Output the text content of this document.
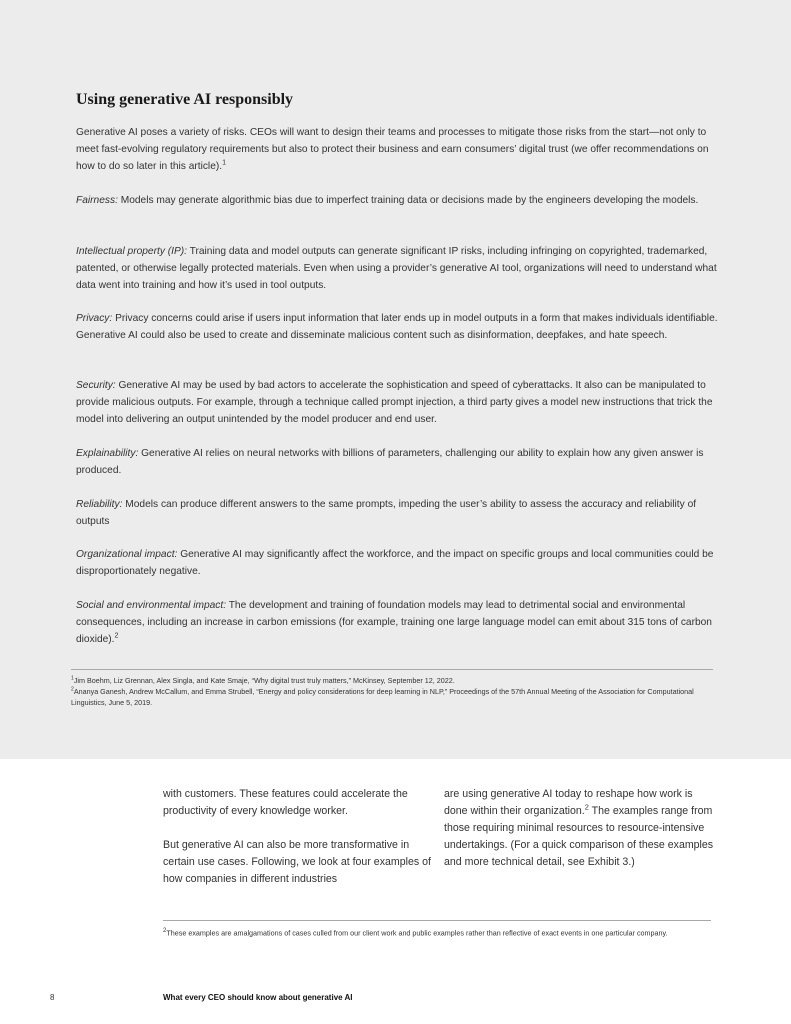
Using generative AI responsibly

Generative AI poses a variety of risks. CEOs will want to design their teams and processes to mitigate those risks from the start—not only to meet fast-evolving regulatory requirements but also to protect their business and earn consumers’ digital trust (we offer recommendations on how to do so later in this article).$^1$

Fairness: Models may generate algorithmic bias due to imperfect training data or decisions made by the engineers developing the models.

Intellectual property (IP): Training data and model outputs can generate significant IP risks, including infringing on copyrighted, trademarked, patented, or otherwise legally protected materials. Even when using a provider’s generative AI tool, organizations will need to understand what data went into training and how it’s used in tool outputs.

Privacy: Privacy concerns could arise if users input information that later ends up in model outputs in a form that makes individuals identifiable. Generative AI could also be used to create and disseminate malicious content such as disinformation, deepfakes, and hate speech.

Security: Generative AI may be used by bad actors to accelerate the sophistication and speed of cyberattacks. It also can be manipulated to provide malicious outputs. For example, through a technique called prompt injection, a third party gives a model new instructions that trick the model into delivering an output unintended by the model producer and end user.

Explainability: Generative AI relies on neural networks with billions of parameters, challenging our ability to explain how any given answer is produced.

Reliability: Models can produce different answers to the same prompts, impeding the user’s ability to assess the accuracy and reliability of outputs

Organizational impact: Generative AI may significantly affect the workforce, and the impact on specific groups and local communities could be disproportionately negative.

Social and environmental impact: The development and training of foundation models may lead to detrimental social and environmental consequences, including an increase in carbon emissions (for example, training one large language model can emit about 315 tons of carbon dioxide).$^2$

$^1$Jim Boehm, Liz Grennan, Alex Singla, and Kate Smaje, “Why digital trust truly matters,” McKinsey, September 12, 2022.

$^2$Ananya Ganesh, Andrew McCallum, and Emma Strubell, “Energy and policy considerations for deep learning in NLP,” Proceedings of the 57th Annual Meeting of the Association for Computational Linguistics, June 5, 2019.

with customers. These features could accelerate the productivity of every knowledge worker.

But generative AI can also be more transformative in certain use cases. Following, we look at four examples of how companies in different industries

are using generative AI today to reshape how work is done within their organization.$^2$ The examples range from those requiring minimal resources to resource-intensive undertakings. (For a quick comparison of these examples and more technical detail, see Exhibit 3.)

$^2$These examples are amalgamations of cases culled from our client work and public examples rather than reflective of exact events in one particular company.

8	What every CEO should know about generative AI
